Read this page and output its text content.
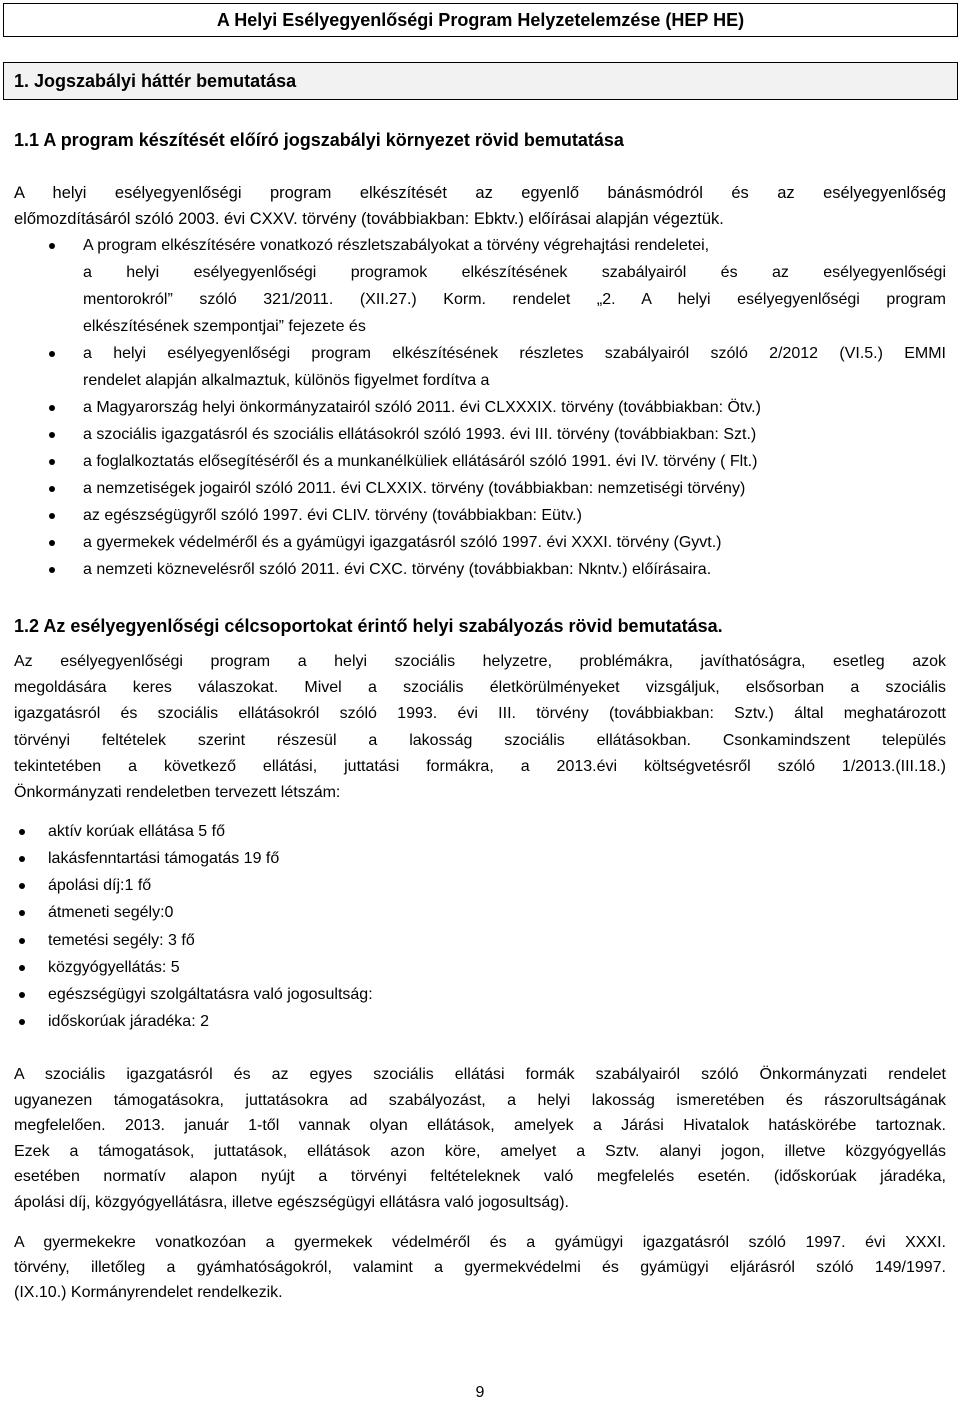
A Helyi Esélyegyenlőségi Program Helyzetelemzése (HEP HE)
1. Jogszabályi háttér bemutatása
1.1 A program készítését előíró jogszabályi környezet rövid bemutatása
A helyi esélyegyenlőségi program elkészítését az egyenlő bánásmódról és az esélyegyenlőség
előmozdításáról szóló 2003. évi CXXV. törvény (továbbiakban: Ebktv.) előírásai alapján végeztük.
A program elkészítésére vonatkozó részletszabályokat a törvény végrehajtási rendeletei,
a helyi esélyegyenlőségi programok elkészítésének szabályairól és az esélyegyenlőségi
mentorokról” szóló 321/2011. (XII.27.) Korm. rendelet „2. A helyi esélyegyenlőségi program
elkészítésének szempontjai” fejezete és
a helyi esélyegyenlőségi program elkészítésének részletes szabályairól szóló 2/2012 (VI.5.) EMMI
rendelet alapján alkalmaztuk, különös figyelmet fordítva a
a Magyarország helyi önkormányzatairól szóló 2011. évi CLXXXIX. törvény (továbbiakban: Ötv.)
a szociális igazgatásról és szociális ellátásokról szóló 1993. évi III. törvény (továbbiakban: Szt.)
a foglalkoztatás elősegítéséről és a munkanélküliek ellátásáról szóló 1991. évi IV. törvény ( Flt.)
a nemzetiségek jogairól szóló 2011. évi CLXXIX. törvény (továbbiakban: nemzetiségi törvény)
az egészségügyről szóló 1997. évi CLIV. törvény (továbbiakban: Eütv.)
a gyermekek védelméről és a gyámügyi igazgatásról szóló 1997. évi XXXI. törvény (Gyvt.)
a nemzeti köznevelésről szóló 2011. évi CXC. törvény (továbbiakban: Nkntv.) előírásaira.
1.2 Az esélyegyenlőségi célcsoportokat érintő helyi szabályozás rövid bemutatása.
Az esélyegyenlőségi program a helyi szociális helyzetre, problémákra, javíthatóságra, esetleg azok
megoldására keres válaszokat. Mivel a szociális életkörülményeket vizsgáljuk, elsősorban a szociális
igazgatásról és szociális ellátásokról szóló 1993. évi III. törvény (továbbiakban: Sztv.) által meghatározott
törvényi feltételek szerint részesül a lakosság szociális ellátásokban. Csonkamindszent település
tekintetében a következő ellátási, juttatási formákra, a 2013.évi költségvetésről szóló 1/2013.(III.18.)
Önkormányzati rendeletben tervezett létszám:
aktív korúak ellátása 5 fő
lakásfenntartási támogatás 19 fő
ápolási díj:1 fő
átmeneti segély:0
temetési segély: 3 fő
közgyógyellátás: 5
egészségügyi szolgáltatásra való jogosultság:
időskorúak járadéka: 2
A szociális igazgatásról és az egyes szociális ellátási formák szabályairól szóló Önkormányzati rendelet
ugyanezen támogatásokra, juttatásokra ad szabályozást, a helyi lakosság ismeretében és rászorultságának
megfelelően. 2013. január 1-től vannak olyan ellátások, amelyek a Járási Hivatalok hatáskörébe tartoznak.
Ezek a támogatások, juttatások, ellátások azon köre, amelyet a Sztv. alanyi jogon, illetve közgyógyellás
esetében normatív alapon nyújt a törvényi feltételeknek való megfelelés esetén. (időskorúak járadéka,
ápolási díj, közgyógyellátásra, illetve egészségügyi ellátásra való jogosultság).
A gyermekekre vonatkozóan a gyermekek védelméről és a gyámügyi igazgatásról szóló 1997. évi XXXI.
törvény, illetőleg a gyámhatóságokról, valamint a gyermekvédelmi és gyámügyi eljárásról szóló 149/1997.
(IX.10.) Kormányrendelet rendelkezik.
9
